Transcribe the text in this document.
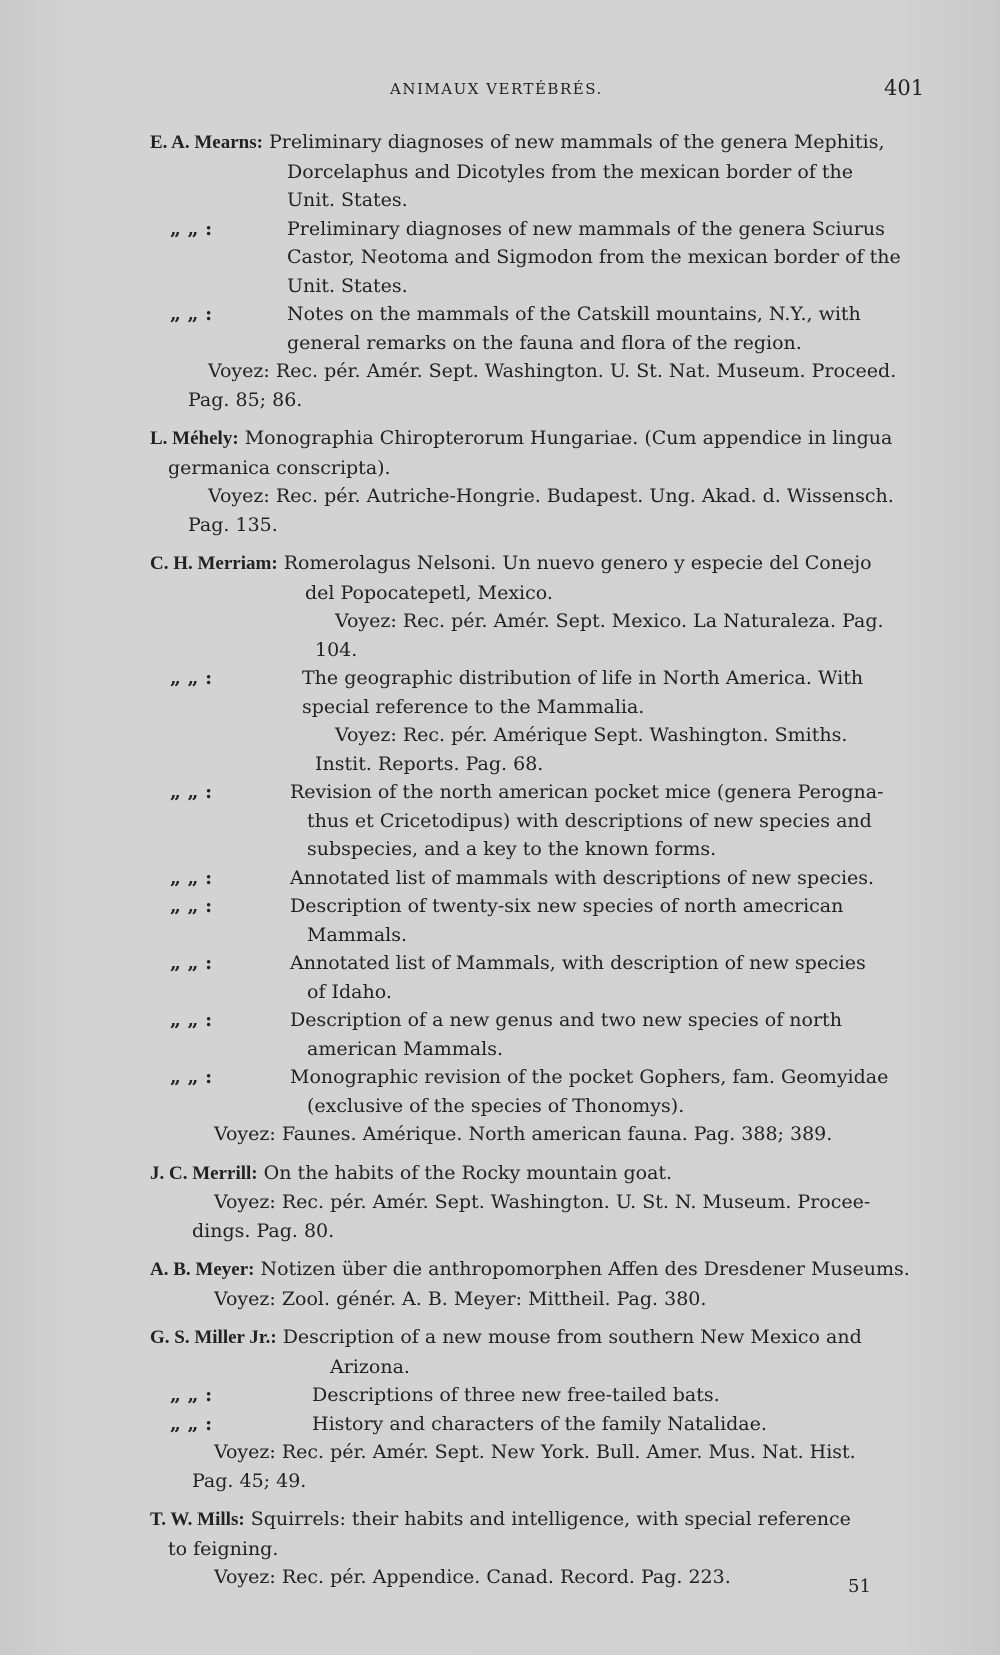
ANIMAUX VERTÉBRÉS.	401

E. A. Mearns: Preliminary diagnoses of new mammals of the genera Mephitis,

Dorcelaphus and Dicotyles from the mexican border of the

Unit. States.

„ „ :	Preliminary diagnoses of new mammals of the genera Sciurus

Castor, Neotoma and Sigmodon from the mexican border of the

Unit. States.

„ „ :	Notes on the mammals of the Catskill mountains, N.Y., with

general remarks on the fauna and flora of the region.

Voyez: Rec. pér. Amér. Sept. Washington. U. St. Nat. Museum. Proceed.

Pag. 85; 86.

L. Méhely: Monographia Chiropterorum Hungariae. (Cum appendice in lingua

germanica conscripta).

Voyez: Rec. pér. Autriche-Hongrie. Budapest. Ung. Akad. d. Wissensch.

Pag. 135.

C. H. Merriam: Romerolagus Nelsoni. Un nuevo genero y especie del Conejo

del Popocatepetl, Mexico.

Voyez: Rec. pér. Amér. Sept. Mexico. La Naturaleza. Pag.

104.

„ „ :	The geographic distribution of life in North America. With

special reference to the Mammalia.

Voyez: Rec. pér. Amérique Sept. Washington. Smiths.

Instit. Reports. Pag. 68.

„ „ :	Revision of the north american pocket mice (genera Perogna-

thus et Cricetodipus) with descriptions of new species and

subspecies, and a key to the known forms.

„ „ :	Annotated list of mammals with descriptions of new species.

„ „ :	Description of twenty-six new species of north amecrican

Mammals.

„ „ :	Annotated list of Mammals, with description of new species

of Idaho.

„ „ :	Description of a new genus and two new species of north

american Mammals.

„ „ :	Monographic revision of the pocket Gophers, fam. Geomyidae

(exclusive of the species of Thonomys).

Voyez: Faunes. Amérique. North american fauna. Pag. 388; 389.

J. C. Merrill: On the habits of the Rocky mountain goat.

Voyez: Rec. pér. Amér. Sept. Washington. U. St. N. Museum. Procee-

dings. Pag. 80.

A. B. Meyer: Notizen über die anthropomorphen Affen des Dresdener Museums.

Voyez: Zool. génér. A. B. Meyer: Mittheil. Pag. 380.

G. S. Miller Jr.: Description of a new mouse from southern New Mexico and

Arizona.

„ „ :	Descriptions of three new free-tailed bats.

„ „ :	History and characters of the family Natalidae.

Voyez: Rec. pér. Amér. Sept. New York. Bull. Amer. Mus. Nat. Hist.

Pag. 45; 49.

T. W. Mills: Squirrels: their habits and intelligence, with special reference

to feigning.

Voyez: Rec. pér. Appendice. Canad. Record. Pag. 223.	51
